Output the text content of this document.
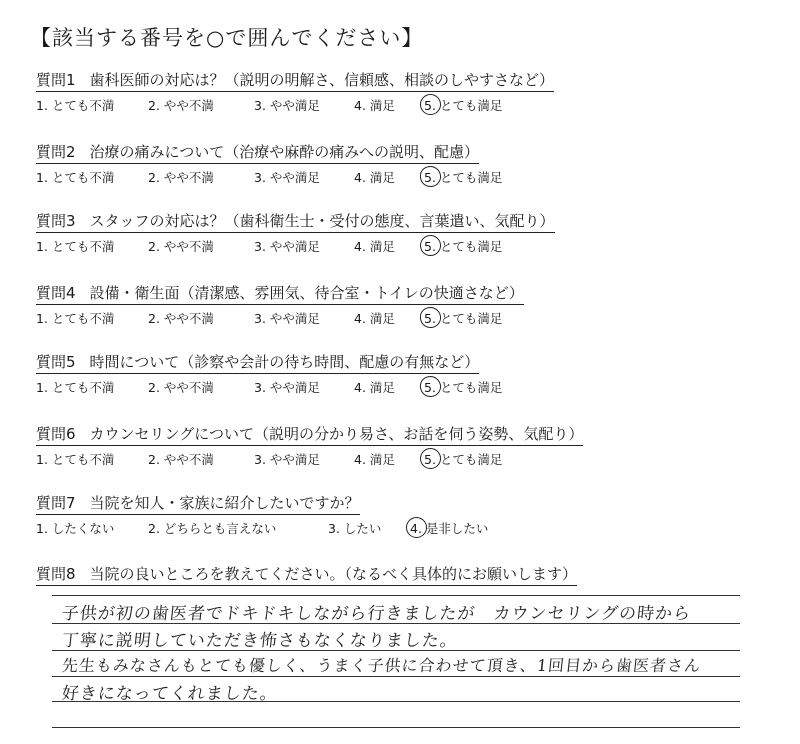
【該当する番号を○で囲んでください】
質問1 歯科医師の対応は？（説明の明解さ、信頼感、相談のしやすさなど）
1. とても不満	2. やや不満	3. やや満足	4. 満足 5. とても満足
質問2 治療の痛みについて（治療や麻酔の痛みへの説明、配慮）
1. とても不満	2. やや不満	3. やや満足	4. 満足 5. とても満足
質問3 スタッフの対応は？（歯科衛生士・受付の態度、言葉遣い、気配り）
1. とても不満	2. やや不満	3. やや満足	4. 満足 5. とても満足
質問4 設備・衛生面（清潔感、雰囲気、待合室・トイレの快適さなど）
1. とても不満	2. やや不満	3. やや満足	4. 満足 5. とても満足
質問5 時間について（診察や会計の待ち時間、配慮の有無など）
1. とても不満	2. やや不満	3. やや満足	4. 満足 5. とても満足
質問6 カウンセリングについて（説明の分かり易さ、お話を伺う姿勢、気配り）
1. とても不満	2. やや不満	3. やや満足	4. 満足 5. とても満足
質問7 当院を知人・家族に紹介したいですか？
1. したくない	2. どちらとも言えない	3. したい 4. 是非したい
質問8 当院の良いところを教えてください。（なるべく具体的にお願いします）
子供が初の歯医者でドキドキしながら行きましたが　カウンセリングの時から
丁寧に説明していただき怖さもなくなりました。
先生もみなさんもとても優しく、うまく子供に合わせて頂き、1回目から歯医者さん
好きになってくれました。
